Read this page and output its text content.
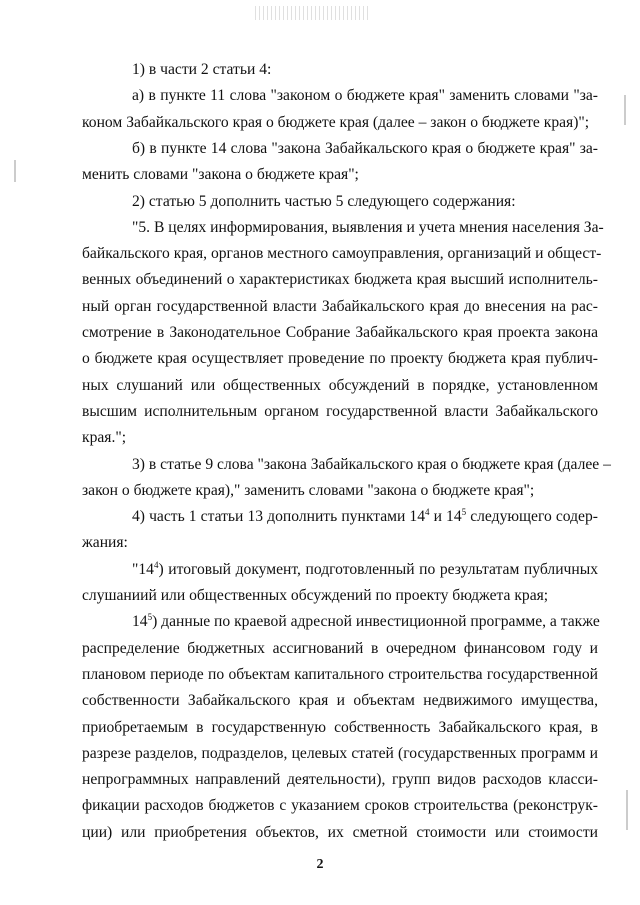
1) в части 2 статьи 4:
а) в пункте 11 слова "законом о бюджете края" заменить словами "за-
коном Забайкальского края о бюджете края (далее – закон о бюджете края)";
б) в пункте 14 слова "закона Забайкальского края о бюджете края" за-
менить словами "закона о бюджете края";
2) статью 5 дополнить частью 5 следующего содержания:
"5. В целях информирования, выявления и учета мнения населения За-
байкальского края, органов местного самоуправления, организаций и общест-
венных объединений о характеристиках бюджета края высший исполнитель-
ный орган государственной власти Забайкальского края до внесения на рас-
смотрение в Законодательное Собрание Забайкальского края проекта закона
о бюджете края осуществляет проведение по проекту бюджета края публич-
ных слушаний или общественных обсуждений в порядке, установленном
высшим исполнительным органом государственной власти Забайкальского
края.";
3) в статье 9 слова "закона Забайкальского края о бюджете края (далее –
закон о бюджете края)," заменить словами "закона о бюджете края";
4) часть 1 статьи 13 дополнить пунктами $14^4$ и $14^5$ следующего содер-
жания:
"$14^4$) итоговый документ, подготовленный по результатам публичных
слушаниий или общественных обсуждений по проекту бюджета края;
$14^5$) данные по краевой адресной инвестиционной программе, а также
распределение бюджетных ассигнований в очередном финансовом году и
плановом периоде по объектам капитального строительства государственной
собственности Забайкальского края и объектам недвижимого имущества,
приобретаемым в государственную собственность Забайкальского края, в
разрезе разделов, подразделов, целевых статей (государственных программ и
непрограммных направлений деятельности), групп видов расходов класси-
фикации расходов бюджетов с указанием сроков строительства (реконструк-
ции) или приобретения объектов, их сметной стоимости или стоимости
2
